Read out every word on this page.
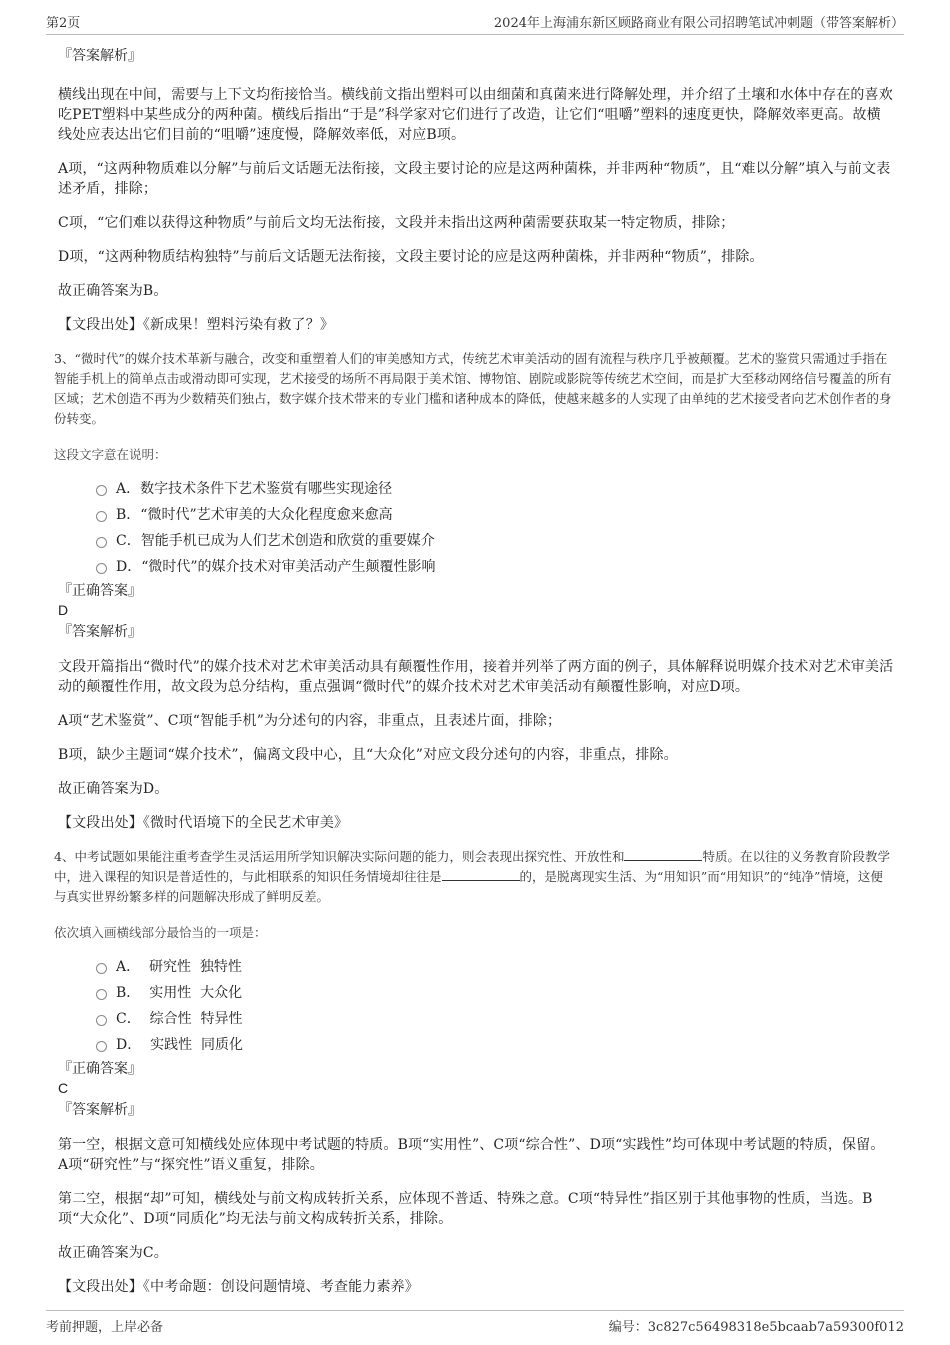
第2页	2024年上海浦东新区顾路商业有限公司招聘笔试冲刺题（带答案解析）

『答案解析』

横线出现在中间，需要与上下文均衔接恰当。横线前文指出塑料可以由细菌和真菌来进行降解处理，并介绍了土壤和水体中存在的喜欢吃PET塑料中某些成分的两种菌。横线后指出“于是”科学家对它们进行了改造，让它们“咀嚼”塑料的速度更快，降解效率更高。故横线处应表达出它们目前的“咀嚼”速度慢，降解效率低，对应B项。

A项，“这两种物质难以分解”与前后文话题无法衔接，文段主要讨论的应是这两种菌株，并非两种“物质”，且“难以分解”填入与前文表述矛盾，排除；

C项，“它们难以获得这种物质”与前后文均无法衔接，文段并未指出这两种菌需要获取某一特定物质，排除；

D项，“这两种物质结构独特”与前后文话题无法衔接，文段主要讨论的应是这两种菌株，并非两种“物质”，排除。

故正确答案为B。

【文段出处】《新成果！塑料污染有救了？》

3、“微时代”的媒介技术革新与融合，改变和重塑着人们的审美感知方式，传统艺术审美活动的固有流程与秩序几乎被颠覆。艺术的鉴赏只需通过手指在智能手机上的简单点击或滑动即可实现，艺术接受的场所不再局限于美术馆、博物馆、剧院或影院等传统艺术空间，而是扩大至移动网络信号覆盖的所有区域；艺术创造不再为少数精英们独占，数字媒介技术带来的专业门槛和诸种成本的降低，使越来越多的人实现了由单纯的艺术接受者向艺术创作者的身份转变。

这段文字意在说明：

A．数字技术条件下艺术鉴赏有哪些实现途径
B．“微时代”艺术审美的大众化程度愈来愈高
C．智能手机已成为人们艺术创造和欣赏的重要媒介
D．“微时代”的媒介技术对审美活动产生颠覆性影响

『正确答案』

D

『答案解析』

文段开篇指出“微时代”的媒介技术对艺术审美活动具有颠覆性作用，接着并列举了两方面的例子，具体解释说明媒介技术对艺术审美活动的颠覆性作用，故文段为总分结构，重点强调“微时代”的媒介技术对艺术审美活动有颠覆性影响，对应D项。

A项“艺术鉴赏”、C项“智能手机”为分述句的内容，非重点，且表述片面，排除；

B项，缺少主题词“媒介技术”，偏离文段中心，且“大众化”对应文段分述句的内容，非重点，排除。

故正确答案为D。

【文段出处】《微时代语境下的全民艺术审美》

4、中考试题如果能注重考查学生灵活运用所学知识解决实际问题的能力，则会表现出探究性、开放性和	特质。在以往的义务教育阶段教学中，进入课程的知识是普适性的，与此相联系的知识任务情境却往往是	的，是脱离现实生活、为“用知识”而“用知识”的“纯净”情境，这便与真实世界纷繁多样的问题解决形成了鲜明反差。

依次填入画横线部分最恰当的一项是：

A．  研究性  独特性
B．  实用性  大众化
C．  综合性  特异性
D．  实践性  同质化

『正确答案』

C

『答案解析』

第一空，根据文意可知横线处应体现中考试题的特质。B项“实用性”、C项“综合性”、D项“实践性”均可体现中考试题的特质，保留。A项“研究性”与“探究性”语义重复，排除。

第二空，根据“却”可知，横线处与前文构成转折关系，应体现不普适、特殊之意。C项“特异性”指区别于其他事物的性质，当选。B项“大众化”、D项“同质化”均无法与前文构成转折关系，排除。

故正确答案为C。

【文段出处】《中考命题：创设问题情境、考查能力素养》

考前押题，上岸必备	编号：3c827c56498318e5bcaab7a59300f012
